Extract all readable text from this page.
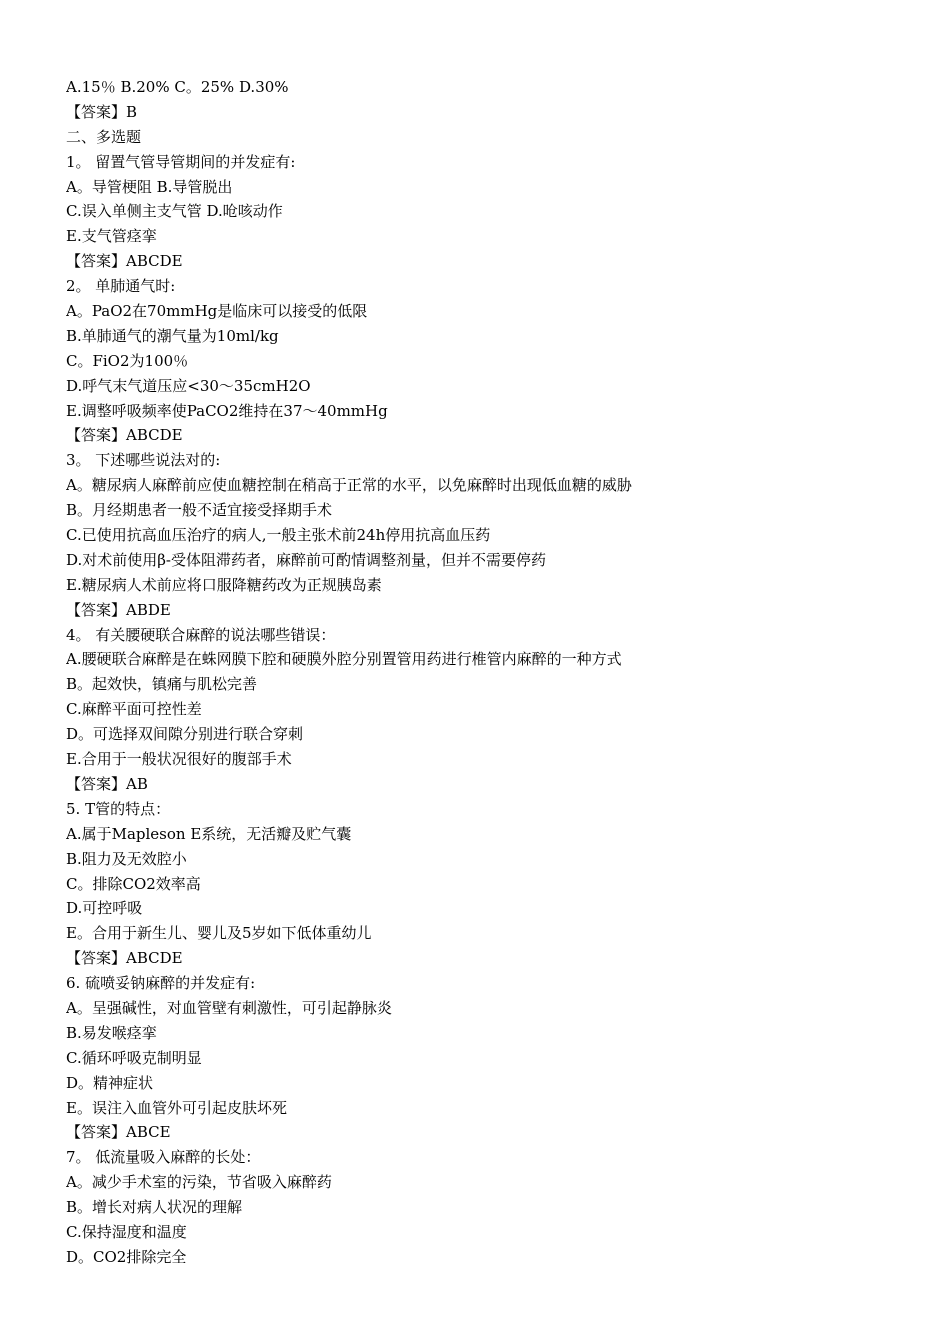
A.15％ B.20% C。25% D.30%
【答案】B
二、多选题
1。 留置气管导管期间的并发症有:
A。导管梗阻 B.导管脱出
C.误入单侧主支气管 D.呛咳动作
E.支气管痉挛
【答案】ABCDE
2。 单肺通气时:
A。PaO2在70mmHg是临床可以接受的低限
B.单肺通气的潮气量为10ml/kg
C。FiO2为100％
D.呼气末气道压应<30～35cmH2O
E.调整呼吸频率使PaCO2维持在37～40mmHg
【答案】ABCDE
3。 下述哪些说法对的:
A。糖尿病人麻醉前应使血糖控制在稍高于正常的水平，以免麻醉时出现低血糖的威胁
B。月经期患者一般不适宜接受择期手术
C.已使用抗高血压治疗的病人,一般主张术前24h停用抗高血压药
D.对术前使用β-受体阻滞药者，麻醉前可酌情调整剂量，但并不需要停药
E.糖尿病人术前应将口服降糖药改为正规胰岛素
【答案】ABDE
4。 有关腰硬联合麻醉的说法哪些错误：
A.腰硬联合麻醉是在蛛网膜下腔和硬膜外腔分别置管用药进行椎管内麻醉的一种方式
B。起效快，镇痛与肌松完善
C.麻醉平面可控性差
D。可选择双间隙分别进行联合穿刺
E.合用于一般状况很好的腹部手术
【答案】AB
5. T管的特点：
A.属于Mapleson E系统，无活瓣及贮气囊
B.阻力及无效腔小
C。排除CO2效率高
D.可控呼吸
E。合用于新生儿、婴儿及5岁如下低体重幼儿
【答案】ABCDE
6. 硫喷妥钠麻醉的并发症有:
A。呈强碱性，对血管壁有刺激性，可引起静脉炎
B.易发喉痉挛
C.循环呼吸克制明显
D。精神症状
E。误注入血管外可引起皮肤坏死
【答案】ABCE
7。 低流量吸入麻醉的长处：
A。减少手术室的污染，节省吸入麻醉药
B。增长对病人状况的理解
C.保持湿度和温度
D。CO2排除完全
